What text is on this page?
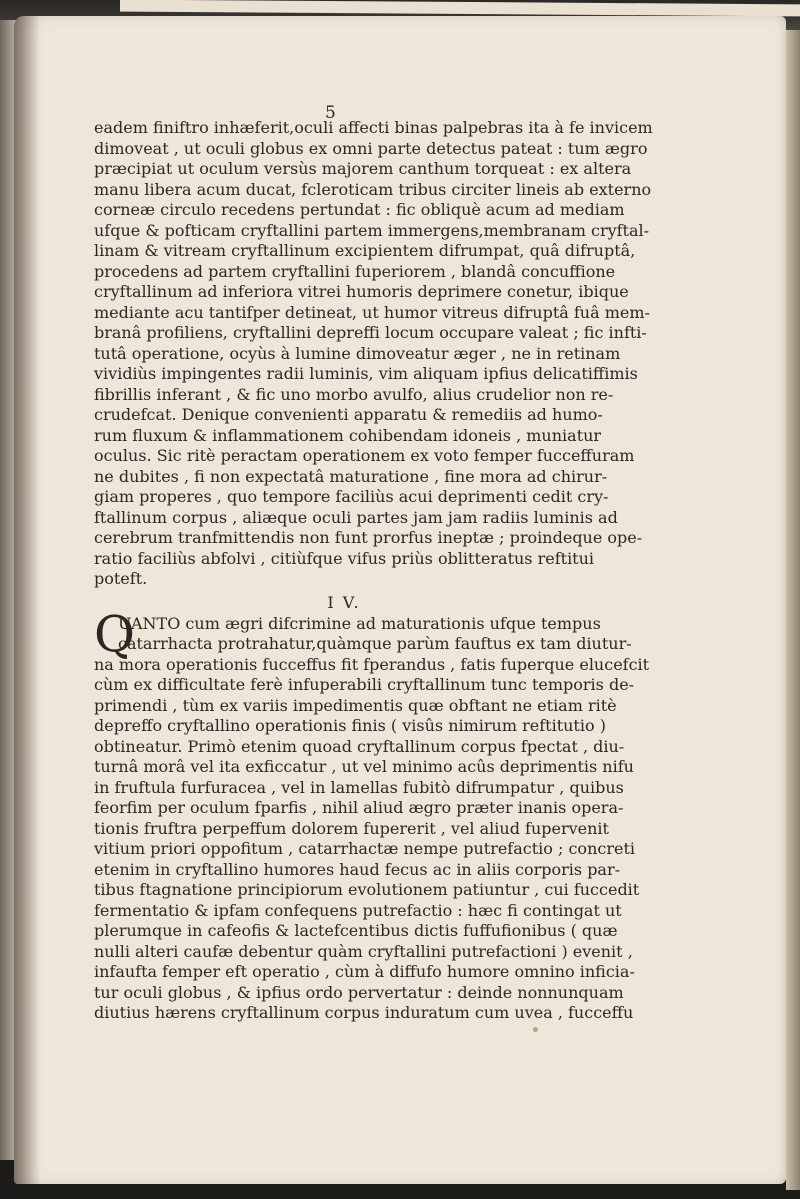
5
eadem finiftro inhæferit,oculi affecti binas palpebras ita à fe invicem
dimoveat , ut oculi globus ex omni parte detectus pateat : tum ægro
præcipiat ut oculum versùs majorem canthum torqueat : ex altera
manu libera acum ducat, fcleroticam tribus circiter lineis ab externo
corneæ circulo recedens pertundat : fic obliquè acum ad mediam
ufque & pofticam cryftallini partem immergens,membranam cryftal-
linam & vitream cryftallinum excipientem difrumpat, quâ difruptâ,
procedens ad partem cryftallini fuperiorem , blandâ concuffione
cryftallinum ad inferiora vitrei humoris deprimere conetur, ibique
mediante acu tantifper detineat, ut humor vitreus difruptâ fuâ mem-
branâ profiliens, cryftallini depreffi locum occupare valeat ; fic infti-
tutâ operatione, ocyùs à lumine dimoveatur æger , ne in retinam
vividiùs impingentes radii luminis, vim aliquam ipfius delicatiffimis
fibrillis inferant , & fic uno morbo avulfo, alius crudelior non re-
crudefcat. Denique convenienti apparatu & remediis ad humo-
rum fluxum & inflammationem cohibendam idoneis , muniatur
oculus. Sic ritè peractam operationem ex voto femper fucceffuram
ne dubites , fi non expectatâ maturatione , fine mora ad chirur-
giam properes , quo tempore faciliùs acui deprimenti cedit cry-
ftallinum corpus , aliæque oculi partes jam jam radiis luminis ad
cerebrum tranfmittendis non funt prorfus ineptæ ; proindeque ope-
ratio faciliùs abfolvi , citiùfque vifus priùs oblitteratus reftitui
poteft.
I V.
Q
UANTO cum ægri difcrimine ad maturationis ufque tempus
catarrhacta protrahatur,quàmque parùm fauftus ex tam diutur-
na mora operationis fucceffus fit fperandus , fatis fuperque elucefcit
cùm ex difficultate ferè infuperabili cryftallinum tunc temporis de-
primendi , tùm ex variis impedimentis quæ obftant ne etiam ritè
depreffo cryftallino operationis finis ( visûs nimirum reftitutio )
obtineatur. Primò etenim quoad cryftallinum corpus fpectat , diu-
turnâ morâ vel ita exficcatur , ut vel minimo acûs deprimentis nifu
in fruftula furfuracea , vel in lamellas fubitò difrumpatur , quibus
feorfim per oculum fparfis , nihil aliud ægro præter inanis opera-
tionis fruftra perpeffum dolorem fupererit , vel aliud fupervenit
vitium priori oppofitum , catarrhactæ nempe putrefactio ; concreti
etenim in cryftallino humores haud fecus ac in aliis corporis par-
tibus ftagnatione principiorum evolutionem patiuntur , cui fuccedit
fermentatio & ipfam confequens putrefactio : hæc fi contingat ut
plerumque in cafeofis & lactefcentibus dictis fuffufionibus ( quæ
nulli alteri caufæ debentur quàm cryftallini putrefactioni ) evenit ,
infaufta femper eft operatio , cùm à diffufo humore omnino inficia-
tur oculi globus , & ipfius ordo pervertatur : deinde nonnunquam
diutius hærens cryftallinum corpus induratum cum uvea , fucceffu
